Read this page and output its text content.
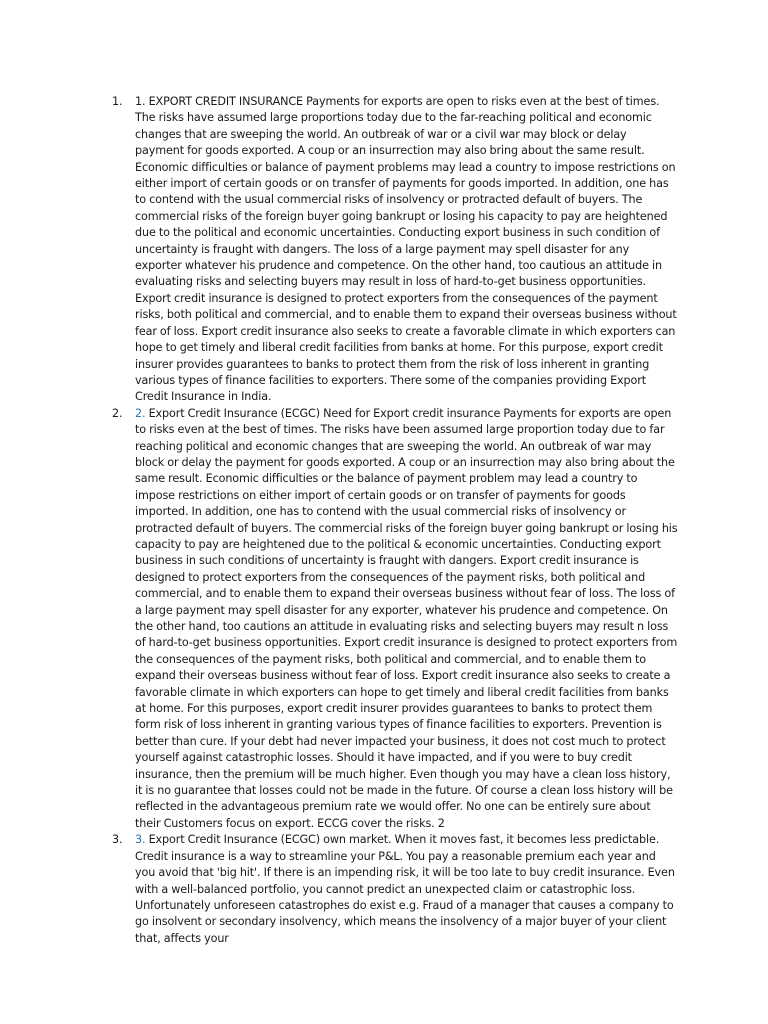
1. 1. EXPORT CREDIT INSURANCE Payments for exports are open to risks even at the best of times. The risks have assumed large proportions today due to the far-reaching political and economic changes that are sweeping the world. An outbreak of war or a civil war may block or delay payment for goods exported. A coup or an insurrection may also bring about the same result. Economic difficulties or balance of payment problems may lead a country to impose restrictions on either import of certain goods or on transfer of payments for goods imported. In addition, one has to contend with the usual commercial risks of insolvency or protracted default of buyers. The commercial risks of the foreign buyer going bankrupt or losing his capacity to pay are heightened due to the political and economic uncertainties. Conducting export business in such condition of uncertainty is fraught with dangers. The loss of a large payment may spell disaster for any exporter whatever his prudence and competence. On the other hand, too cautious an attitude in evaluating risks and selecting buyers may result in loss of hard-to-get business opportunities. Export credit insurance is designed to protect exporters from the consequences of the payment risks, both political and commercial, and to enable them to expand their overseas business without fear of loss. Export credit insurance also seeks to create a favorable climate in which exporters can hope to get timely and liberal credit facilities from banks at home. For this purpose, export credit insurer provides guarantees to banks to protect them from the risk of loss inherent in granting various types of finance facilities to exporters. There some of the companies providing Export Credit Insurance in India.
2. 2. Export Credit Insurance (ECGC) Need for Export credit insurance Payments for exports are open to risks even at the best of times. The risks have been assumed large proportion today due to far reaching political and economic changes that are sweeping the world. An outbreak of war may block or delay the payment for goods exported. A coup or an insurrection may also bring about the same result. Economic difficulties or the balance of payment problem may lead a country to impose restrictions on either import of certain goods or on transfer of payments for goods imported. In addition, one has to contend with the usual commercial risks of insolvency or protracted default of buyers. The commercial risks of the foreign buyer going bankrupt or losing his capacity to pay are heightened due to the political & economic uncertainties. Conducting export business in such conditions of uncertainty is fraught with dangers. Export credit insurance is designed to protect exporters from the consequences of the payment risks, both political and commercial, and to enable them to expand their overseas business without fear of loss. The loss of a large payment may spell disaster for any exporter, whatever his prudence and competence. On the other hand, too cautions an attitude in evaluating risks and selecting buyers may result n loss of hard-to-get business opportunities. Export credit insurance is designed to protect exporters from the consequences of the payment risks, both political and commercial, and to enable them to expand their overseas business without fear of loss. Export credit insurance also seeks to create a favorable climate in which exporters can hope to get timely and liberal credit facilities from banks at home. For this purposes, export credit insurer provides guarantees to banks to protect them form risk of loss inherent in granting various types of finance facilities to exporters. Prevention is better than cure. If your debt had never impacted your business, it does not cost much to protect yourself against catastrophic losses. Should it have impacted, and if you were to buy credit insurance, then the premium will be much higher. Even though you may have a clean loss history, it is no guarantee that losses could not be made in the future. Of course a clean loss history will be reflected in the advantageous premium rate we would offer. No one can be entirely sure about their Customers focus on export. ECCG cover the risks. 2
3. 3. Export Credit Insurance (ECGC) own market. When it moves fast, it becomes less predictable. Credit insurance is a way to streamline your P&L. You pay a reasonable premium each year and you avoid that 'big hit'. If there is an impending risk, it will be too late to buy credit insurance. Even with a well-balanced portfolio, you cannot predict an unexpected claim or catastrophic loss. Unfortunately unforeseen catastrophes do exist e.g. Fraud of a manager that causes a company to go insolvent or secondary insolvency, which means the insolvency of a major buyer of your client that, affects your
